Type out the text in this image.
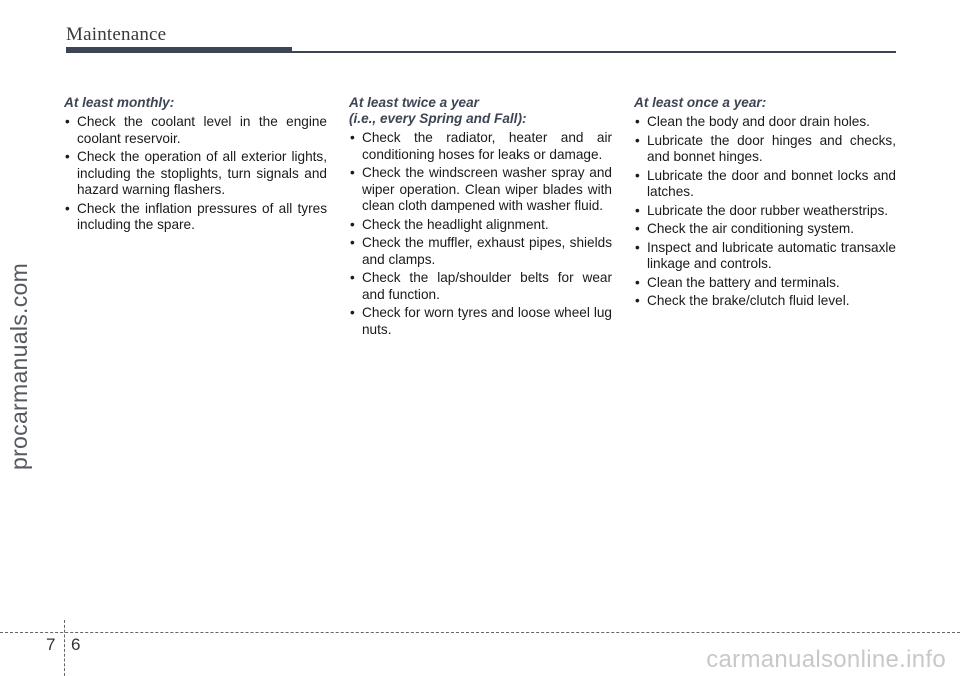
Maintenance
At least monthly:
• Check the coolant level in the engine coolant reservoir.
• Check the operation of all exterior lights, including the stoplights, turn signals and hazard warning flashers.
• Check the inflation pressures of all tyres including the spare.
At least twice a year
(i.e., every Spring and Fall):
• Check the radiator, heater and air conditioning hoses for leaks or damage.
• Check the windscreen washer spray and wiper operation. Clean wiper blades with clean cloth dampened with washer fluid.
• Check the headlight alignment.
• Check the muffler, exhaust pipes, shields and clamps.
• Check the lap/shoulder belts for wear and function.
• Check for worn tyres and loose wheel lug nuts.
At least once a year:
• Clean the body and door drain holes.
• Lubricate the door hinges and checks, and bonnet hinges.
• Lubricate the door and bonnet locks and latches.
• Lubricate the door rubber weatherstrips.
• Check the air conditioning system.
• Inspect and lubricate automatic transaxle linkage and controls.
• Clean the battery and terminals.
• Check the brake/clutch fluid level.
procarmanuals.com
7 6
carmanualsonline.info
